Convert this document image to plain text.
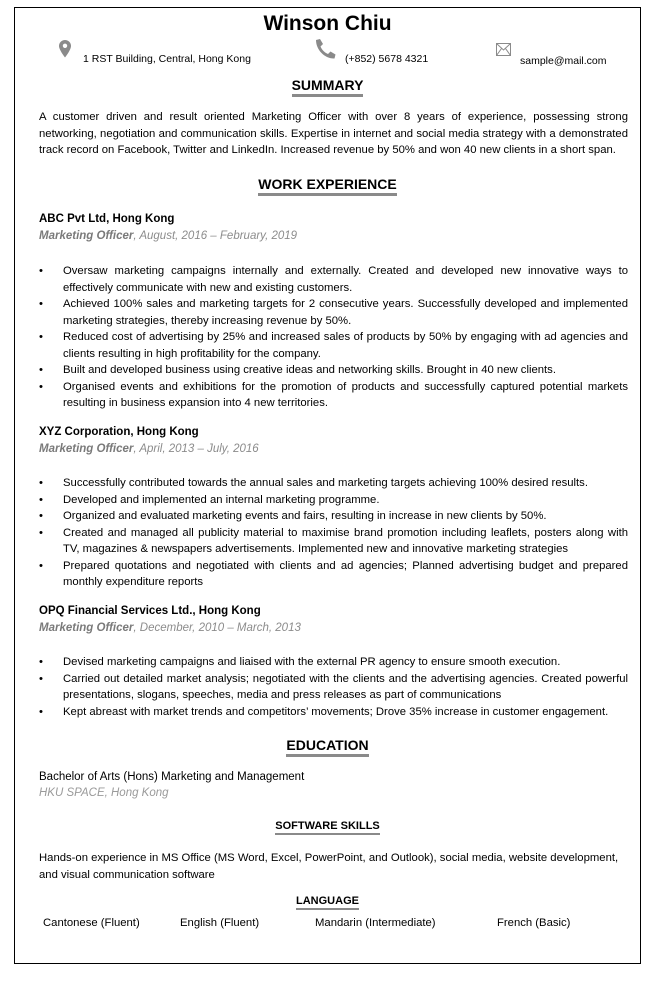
Winson Chiu
1 RST Building, Central, Hong Kong	(+852) 5678 4321	sample@mail.com
SUMMARY
A customer driven and result oriented Marketing Officer with over 8 years of experience, possessing strong networking, negotiation and communication skills. Expertise in internet and social media strategy with a demonstrated track record on Facebook, Twitter and LinkedIn. Increased revenue by 50% and won 40 new clients in a short span.
WORK EXPERIENCE
ABC Pvt Ltd, Hong Kong
Marketing Officer, August, 2016 – February, 2019
• Oversaw marketing campaigns internally and externally. Created and developed new innovative ways to effectively communicate with new and existing customers.
• Achieved 100% sales and marketing targets for 2 consecutive years. Successfully developed and implemented marketing strategies, thereby increasing revenue by 50%.
• Reduced cost of advertising by 25% and increased sales of products by 50% by engaging with ad agencies and clients resulting in high profitability for the company.
• Built and developed business using creative ideas and networking skills. Brought in 40 new clients.
• Organised events and exhibitions for the promotion of products and successfully captured potential markets resulting in business expansion into 4 new territories.
XYZ Corporation, Hong Kong
Marketing Officer, April, 2013 – July, 2016
• Successfully contributed towards the annual sales and marketing targets achieving 100% desired results.
• Developed and implemented an internal marketing programme.
• Organized and evaluated marketing events and fairs, resulting in increase in new clients by 50%.
• Created and managed all publicity material to maximise brand promotion including leaflets, posters along with TV, magazines & newspapers advertisements. Implemented new and innovative marketing strategies
• Prepared quotations and negotiated with clients and ad agencies; Planned advertising budget and prepared monthly expenditure reports
OPQ Financial Services Ltd., Hong Kong
Marketing Officer, December, 2010 – March, 2013
• Devised marketing campaigns and liaised with the external PR agency to ensure smooth execution.
• Carried out detailed market analysis; negotiated with the clients and the advertising agencies. Created powerful presentations, slogans, speeches, media and press releases as part of communications
• Kept abreast with market trends and competitors’ movements; Drove 35% increase in customer engagement.
EDUCATION
Bachelor of Arts (Hons) Marketing and Management
HKU SPACE, Hong Kong
SOFTWARE SKILLS
Hands-on experience in MS Office (MS Word, Excel, PowerPoint, and Outlook), social media, website development, and visual communication software
LANGUAGE
Cantonese (Fluent)	English (Fluent)	Mandarin (Intermediate)	French (Basic)
